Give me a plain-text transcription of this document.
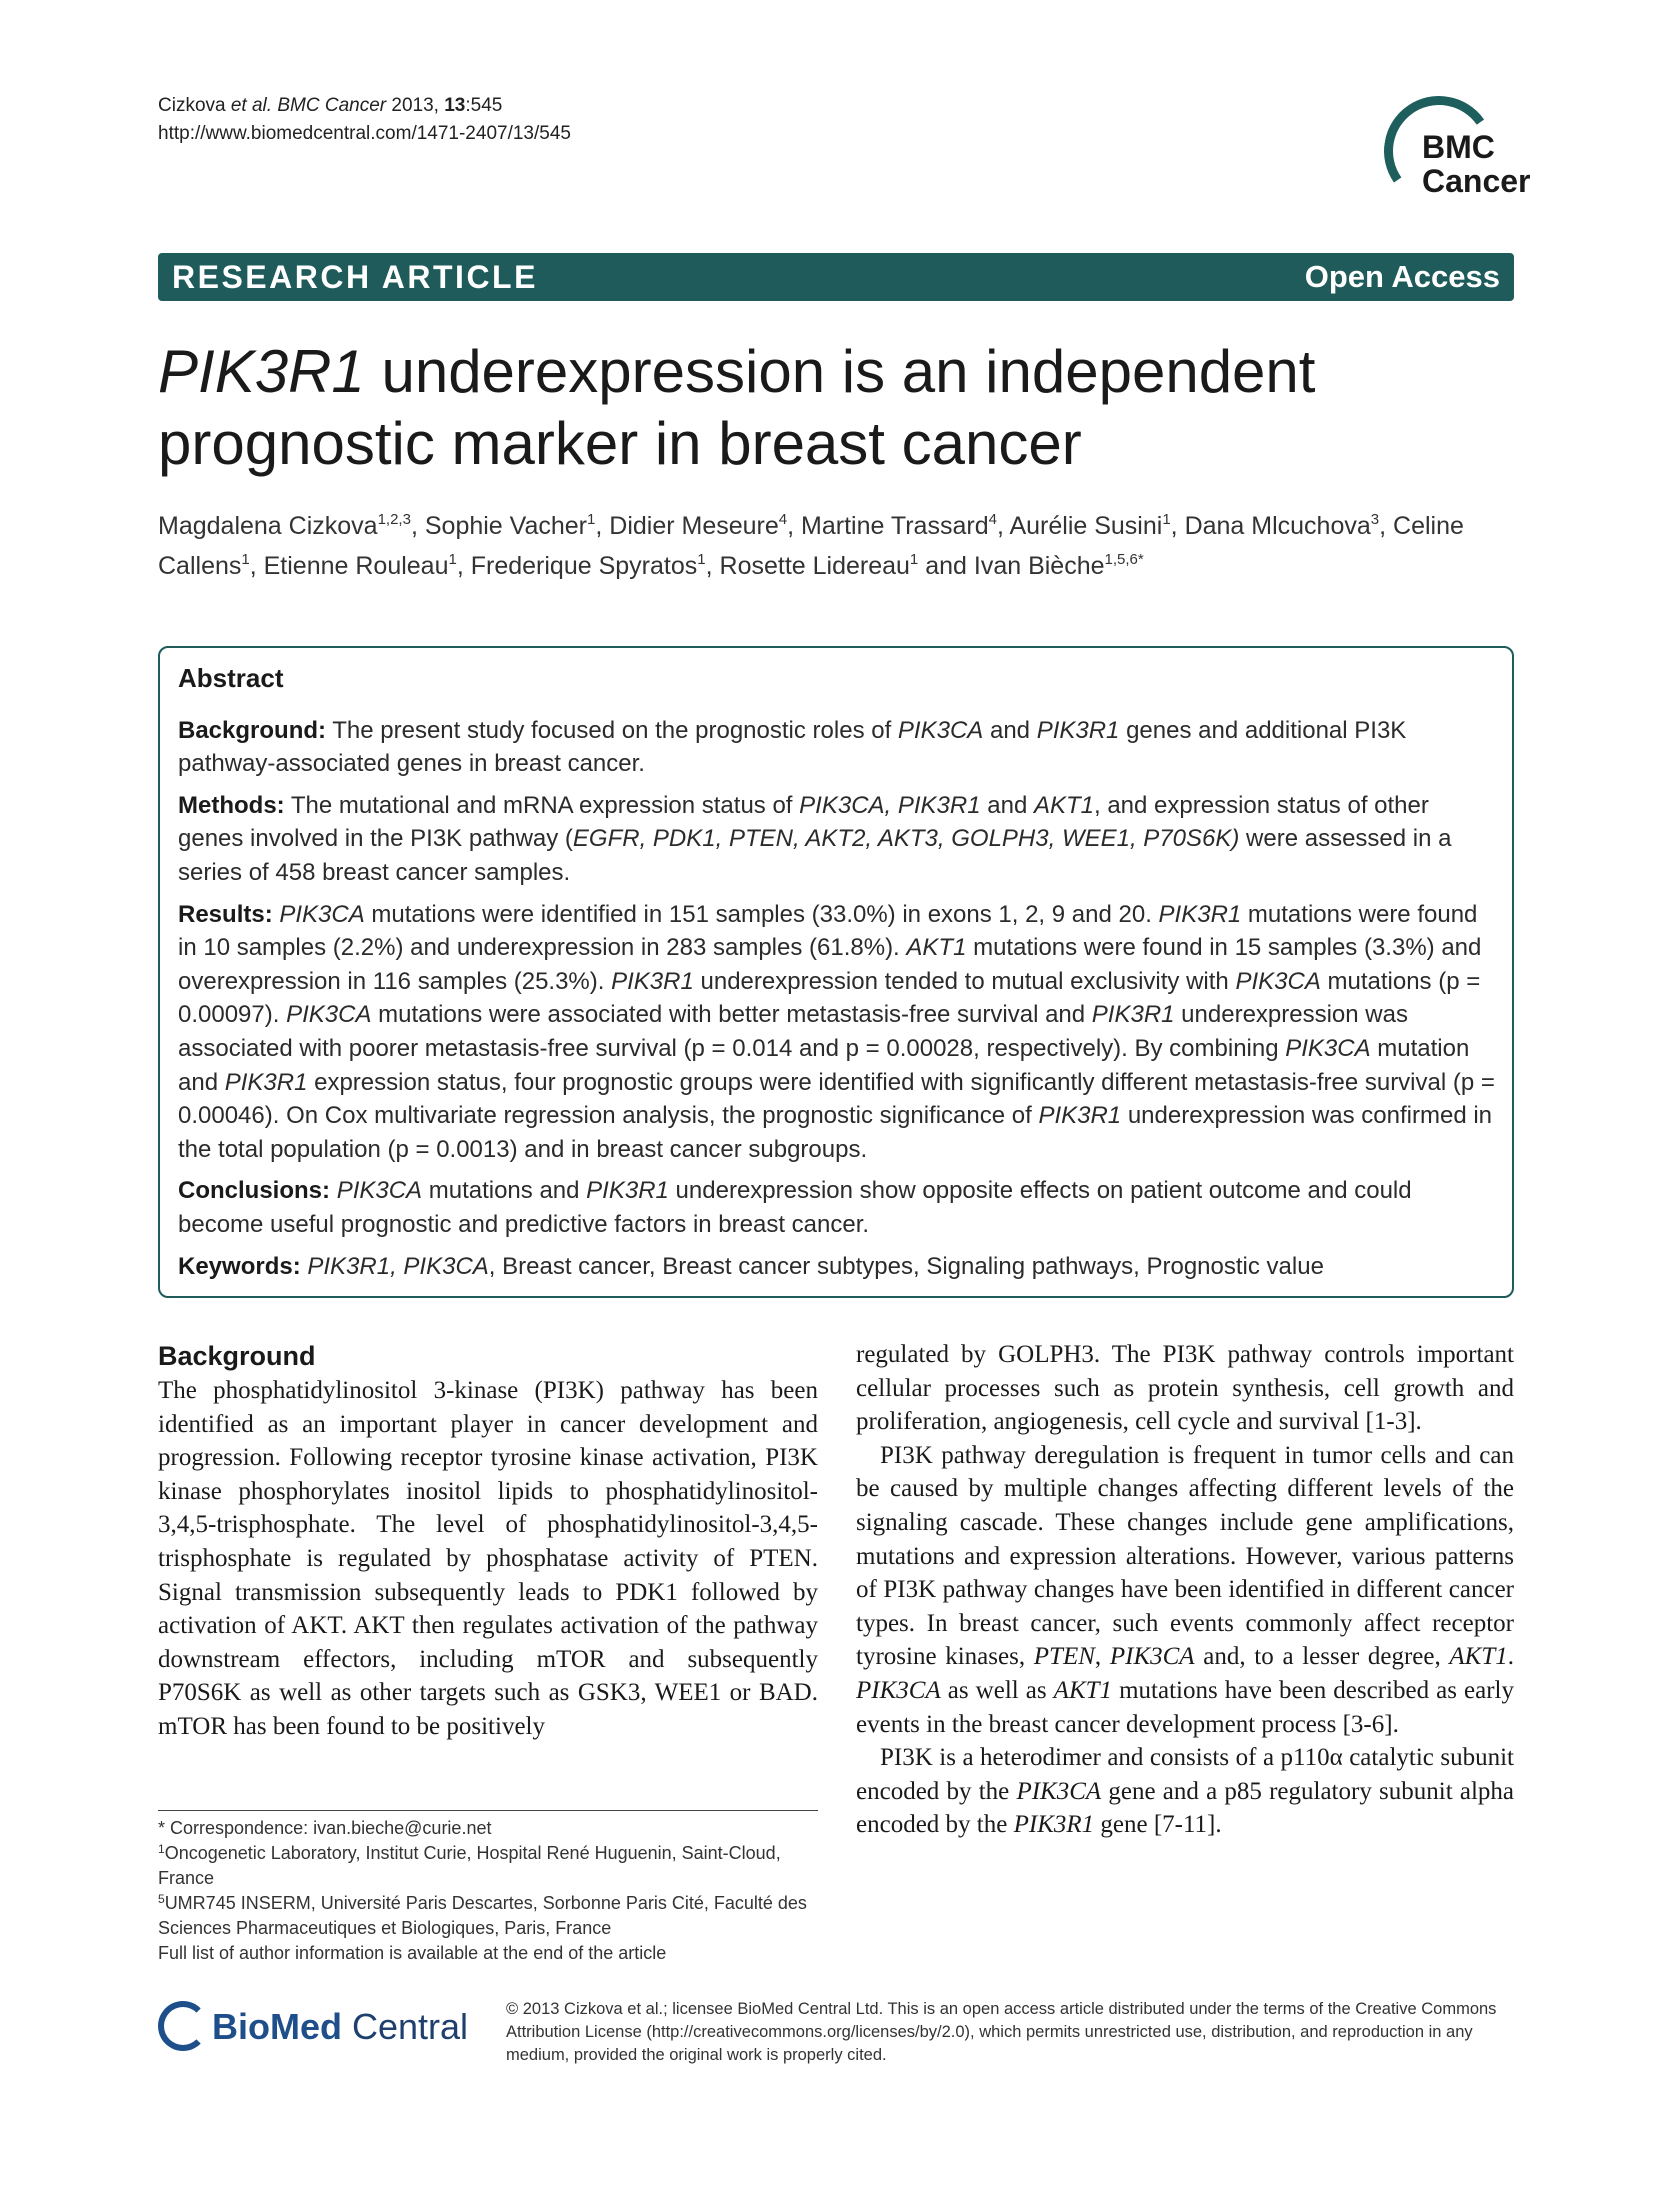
Cizkova et al. BMC Cancer 2013, 13:545
http://www.biomedcentral.com/1471-2407/13/545	BMC
Cancer
RESEARCH ARTICLE	Open Access
PIK3R1 underexpression is an independent
prognostic marker in breast cancer
Magdalena Cizkova$^{1,2,3}$, Sophie Vacher$^1$, Didier Meseure$^4$, Martine Trassard$^4$, Aurélie Susini$^1$, Dana Mlcuchova$^3$, Celine Callens$^1$, Etienne Rouleau$^1$, Frederique Spyratos$^1$, Rosette Lidereau$^1$ and Ivan Bièche$^{1,5,6*}$
Abstract

Background: The present study focused on the prognostic roles of PIK3CA and PIK3R1 genes and additional PI3K pathway-associated genes in breast cancer.

Methods: The mutational and mRNA expression status of PIK3CA, PIK3R1 and AKT1, and expression status of other genes involved in the PI3K pathway (EGFR, PDK1, PTEN, AKT2, AKT3, GOLPH3, WEE1, P70S6K) were assessed in a series of 458 breast cancer samples.

Results: PIK3CA mutations were identified in 151 samples (33.0%) in exons 1, 2, 9 and 20. PIK3R1 mutations were found in 10 samples (2.2%) and underexpression in 283 samples (61.8%). AKT1 mutations were found in 15 samples (3.3%) and overexpression in 116 samples (25.3%). PIK3R1 underexpression tended to mutual exclusivity with PIK3CA mutations (p = 0.00097). PIK3CA mutations were associated with better metastasis-free survival and PIK3R1 underexpression was associated with poorer metastasis-free survival (p = 0.014 and p = 0.00028, respectively). By combining PIK3CA mutation and PIK3R1 expression status, four prognostic groups were identified with significantly different metastasis-free survival (p = 0.00046). On Cox multivariate regression analysis, the prognostic significance of PIK3R1 underexpression was confirmed in the total population (p = 0.0013) and in breast cancer subgroups.

Conclusions: PIK3CA mutations and PIK3R1 underexpression show opposite effects on patient outcome and could become useful prognostic and predictive factors in breast cancer.

Keywords: PIK3R1, PIK3CA, Breast cancer, Breast cancer subtypes, Signaling pathways, Prognostic value

Background

The phosphatidylinositol 3-kinase (PI3K) pathway has been identified as an important player in cancer development and progression. Following receptor tyrosine kinase activation, PI3K kinase phosphorylates inositol lipids to phosphatidylinositol-3,4,5-trisphosphate. The level of phosphatidylinositol-3,4,5-trisphosphate is regulated by phosphatase activity of PTEN. Signal transmission subsequently leads to PDK1 followed by activation of AKT. AKT then regulates activation of the pathway downstream effectors, including mTOR and subsequently P70S6K as well as other targets such as GSK3, WEE1 or BAD. mTOR has been found to be positively

regulated by GOLPH3. The PI3K pathway controls important cellular processes such as protein synthesis, cell growth and proliferation, angiogenesis, cell cycle and survival [1-3].

PI3K pathway deregulation is frequent in tumor cells and can be caused by multiple changes affecting different levels of the signaling cascade. These changes include gene amplifications, mutations and expression alterations. However, various patterns of PI3K pathway changes have been identified in different cancer types. In breast cancer, such events commonly affect receptor tyrosine kinases, PTEN, PIK3CA and, to a lesser degree, AKT1. PIK3CA as well as AKT1 mutations have been described as early events in the breast cancer development process [3-6].

PI3K is a heterodimer and consists of a p110α catalytic subunit encoded by the PIK3CA gene and a p85 regulatory subunit alpha encoded by the PIK3R1 gene [7-11].

* Correspondence: ivan.bieche@curie.net

$^1$Oncogenetic Laboratory, Institut Curie, Hospital René Huguenin, Saint-Cloud, France

$^5$UMR745 INSERM, Université Paris Descartes, Sorbonne Paris Cité, Faculté des Sciences Pharmaceutiques et Biologiques, Paris, France

Full list of author information is available at the end of the article

BioMed Central © 2013 Cizkova et al.; licensee BioMed Central Ltd. This is an open access article distributed under the terms of the Creative Commons Attribution License (http://creativecommons.org/licenses/by/2.0), which permits unrestricted use, distribution, and reproduction in any medium, provided the original work is properly cited.
